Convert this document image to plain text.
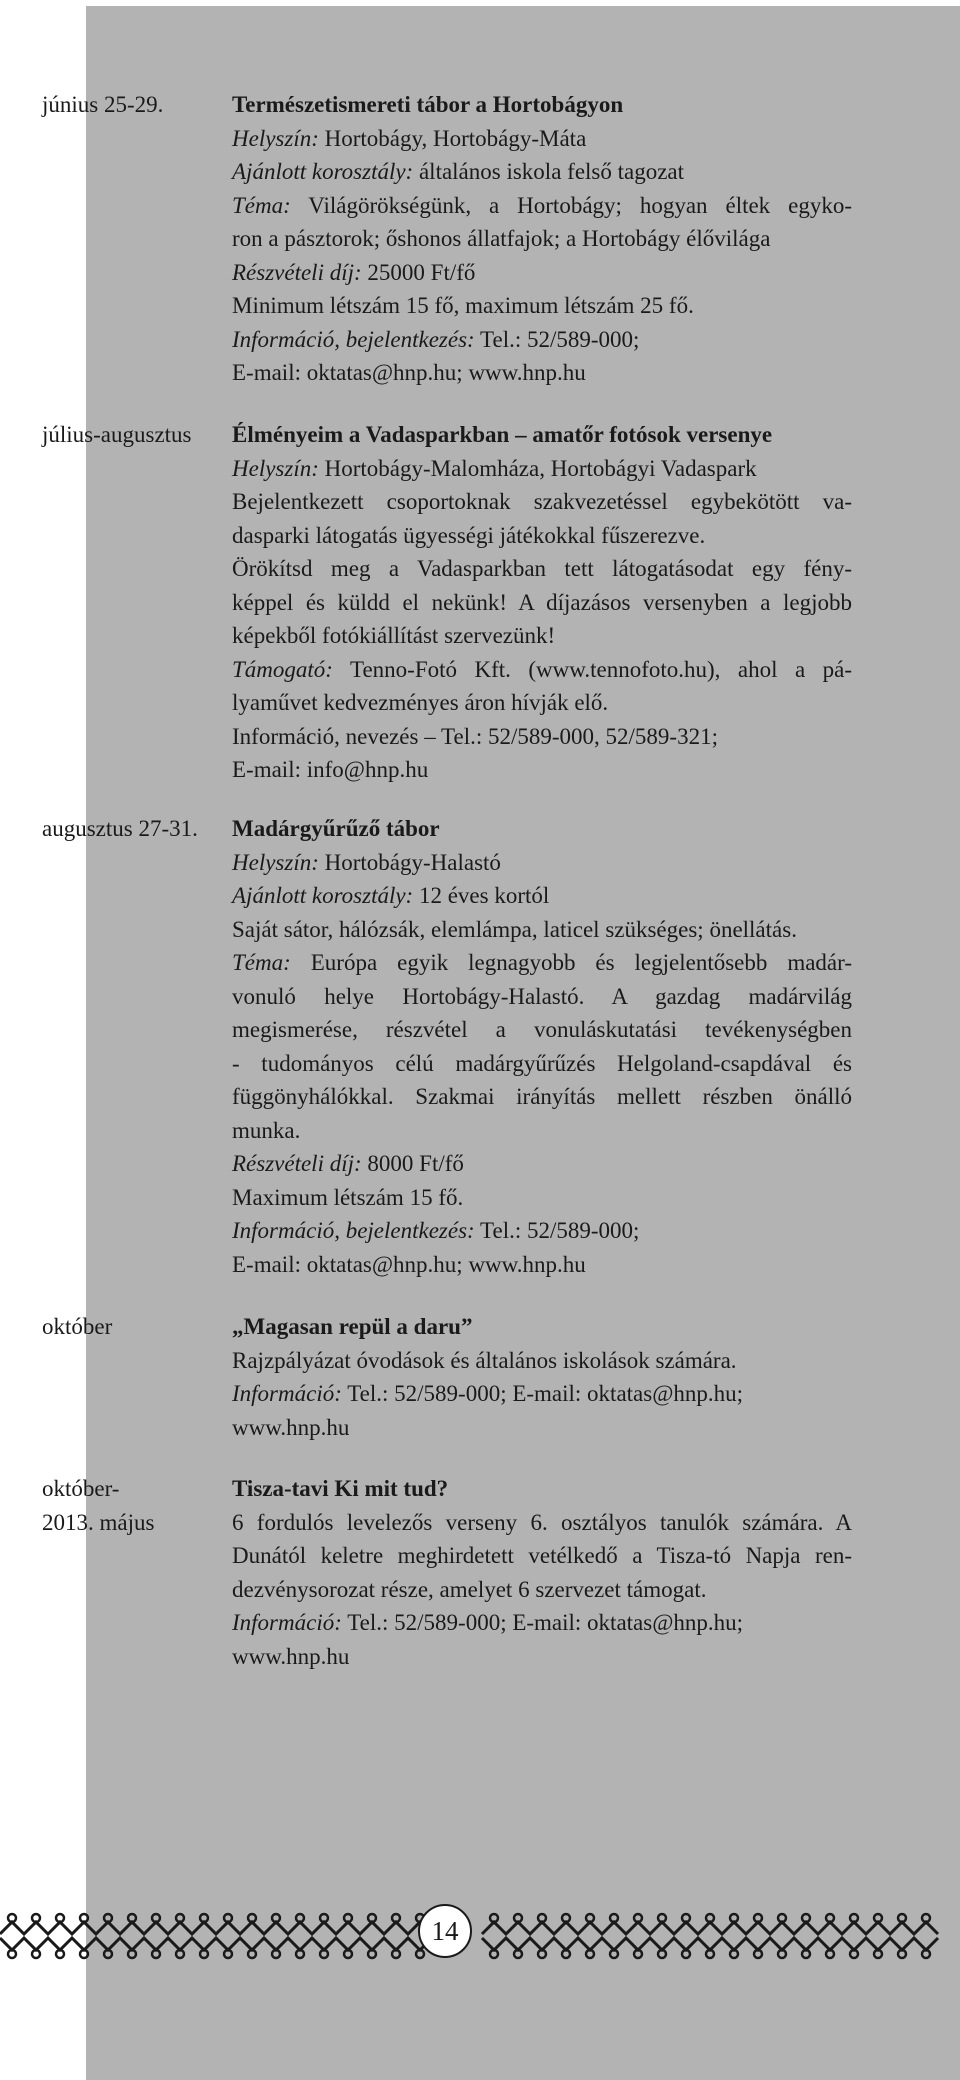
június 25-29.
július-augusztus
augusztus 27-31.
október
október-
2013. május
Természetismereti tábor a Hortobágyon
Helyszín: Hortobágy, Hortobágy-Máta
Ajánlott korosztály: általános iskola felső tagozat
Téma: Világörökségünk, a Hortobágy; hogyan éltek egyko-
ron a pásztorok; őshonos állatfajok; a Hortobágy élővilága
Részvételi díj: 25000 Ft/fő
Minimum létszám 15 fő, maximum létszám 25 fő.
Információ, bejelentkezés: Tel.: 52/589-000;
E-mail: oktatas@hnp.hu; www.hnp.hu
Élményeim a Vadasparkban – amatőr fotósok versenye
Helyszín: Hortobágy-Malomháza, Hortobágyi Vadaspark
Bejelentkezett csoportoknak szakvezetéssel egybekötött va-
dasparki látogatás ügyességi játékokkal fűszerezve.
Örökítsd meg a Vadasparkban tett látogatásodat egy fény-
képpel és küldd el nekünk! A díjazásos versenyben a legjobb
képekből fotókiállítást szervezünk!
Támogató: Tenno-Fotó Kft. (www.tennofoto.hu), ahol a pá-
lyaművet kedvezményes áron hívják elő.
Információ, nevezés – Tel.: 52/589-000, 52/589-321;
E-mail: info@hnp.hu
Madárgyűrűző tábor
Helyszín: Hortobágy-Halastó
Ajánlott korosztály: 12 éves kortól
Saját sátor, hálózsák, elemlámpa, laticel szükséges; önellátás.
Téma: Európa egyik legnagyobb és legjelentősebb madár-
vonuló helye Hortobágy-Halastó. A gazdag madárvilág
megismerése, részvétel a vonuláskutatási tevékenységben
- tudományos célú madárgyűrűzés Helgoland-csapdával és
függönyhálókkal. Szakmai irányítás mellett részben önálló
munka.
Részvételi díj: 8000 Ft/fő
Maximum létszám 15 fő.
Információ, bejelentkezés: Tel.: 52/589-000;
E-mail: oktatas@hnp.hu; www.hnp.hu
„Magasan repül a daru”
Rajzpályázat óvodások és általános iskolások számára.
Információ: Tel.: 52/589-000; E-mail: oktatas@hnp.hu;
www.hnp.hu
Tisza-tavi Ki mit tud?
6 fordulós levelezős verseny 6. osztályos tanulók számára. A
Dunától keletre meghirdetett vetélkedő a Tisza-tó Napja ren-
dezvénysorozat része, amelyet 6 szervezet támogat.
Információ: Tel.: 52/589-000; E-mail: oktatas@hnp.hu;
www.hnp.hu
14
